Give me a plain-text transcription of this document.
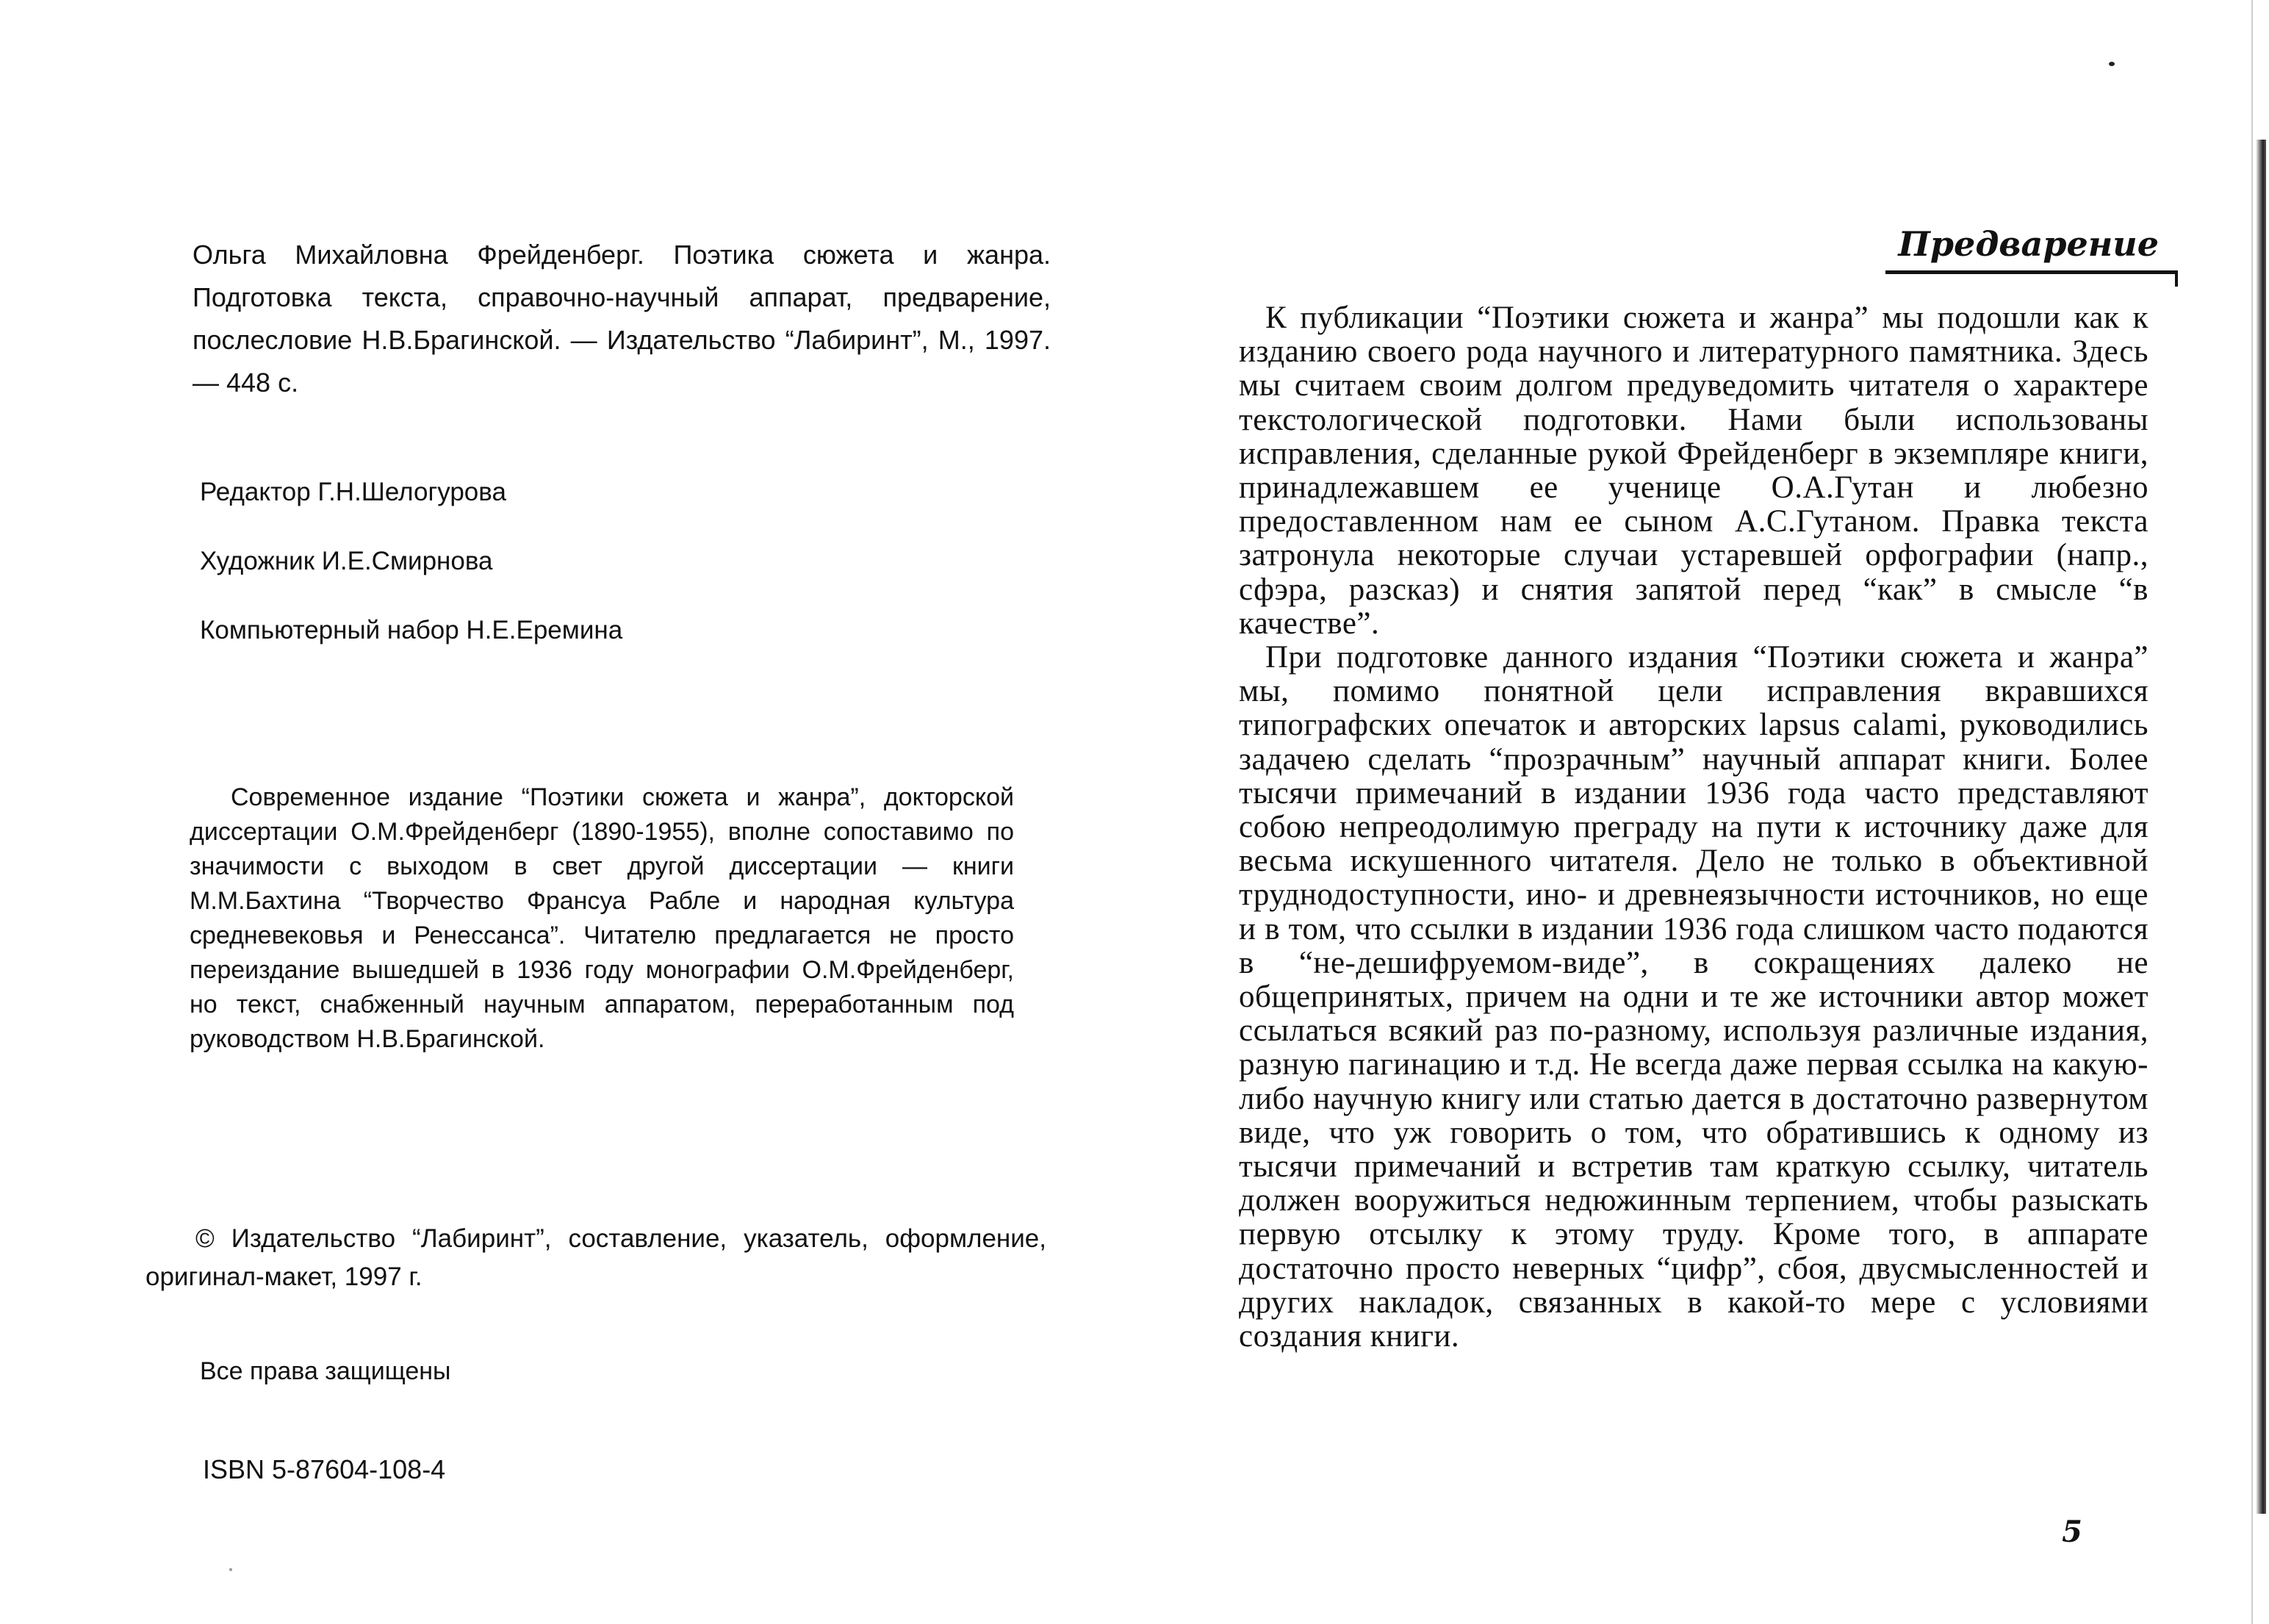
Ольга Михайловна Фрейденберг. Поэтика сюжета и жанра. Подготовка текста, справочно-научный аппарат, предварение, послесловие Н.В.Брагинской. — Издательство “Лабиринт”, М., 1997. — 448 с.
Редактор Г.Н.Шелогурова
Художник И.Е.Смирнова
Компьютерный набор Н.Е.Еремина
Современное издание “Поэтики сюжета и жанра”, докторской диссертации О.М.Фрейденберг (1890-1955), вполне сопоставимо по значимости с выходом в свет другой диссертации — книги М.М.Бахтина “Творчество Франсуа Рабле и народная культура средневековья и Ренессанса”. Читателю предлагается не просто переиздание вышедшей в 1936 году монографии О.М.Фрейденберг, но текст, снабженный научным аппаратом, переработанным под руководством Н.В.Брагинской.
© Издательство “Лабиринт”, составление, указатель, оформление, оригинал-макет, 1997 г.
Все права защищены
ISBN 5-87604-108-4
Предварение

К публикации “Поэтики сюжета и жанра” мы подошли как к изданию своего рода научного и литературного памятника. Здесь мы считаем своим долгом предуведомить читателя о характере текстологической подготовки. Нами были использованы исправления, сделанные рукой Фрейденберг в экземпляре книги, принадлежавшем ее ученице О.А.Гутан и любезно предоставленном нам ее сыном А.С.Гутаном. Правка текста затронула некоторые случаи устаревшей орфографии (напр., сфэра, разсказ) и снятия запятой перед “как” в смысле “в качестве”.

При подготовке данного издания “Поэтики сюжета и жанра” мы, помимо понятной цели исправления вкравшихся типографских опечаток и авторских lapsus calami, руководились задачею сделать “прозрачным” научный аппарат книги. Более тысячи примечаний в издании 1936 года часто представляют собою непреодолимую преграду на пути к источнику даже для весьма искушенного читателя. Дело не только в объективной труднодоступности, ино- и древнеязычности источников, но еще и в том, что ссылки в издании 1936 года слишком часто подаются в “не-дешифруемом-виде”, в сокращениях далеко не общепринятых, причем на одни и те же источники автор может ссылаться всякий раз по-разному, используя различные издания, разную пагинацию и т.д. Не всегда даже первая ссылка на какую-либо научную книгу или статью дается в достаточно развернутом виде, что уж говорить о том, что обратившись к одному из тысячи примечаний и встретив там краткую ссылку, читатель должен вооружиться недюжинным терпением, чтобы разыскать первую отсылку к этому труду. Кроме того, в аппарате достаточно просто неверных “цифр”, сбоя, двусмысленностей и других накладок, связанных в какой-то мере с условиями создания книги.

5
